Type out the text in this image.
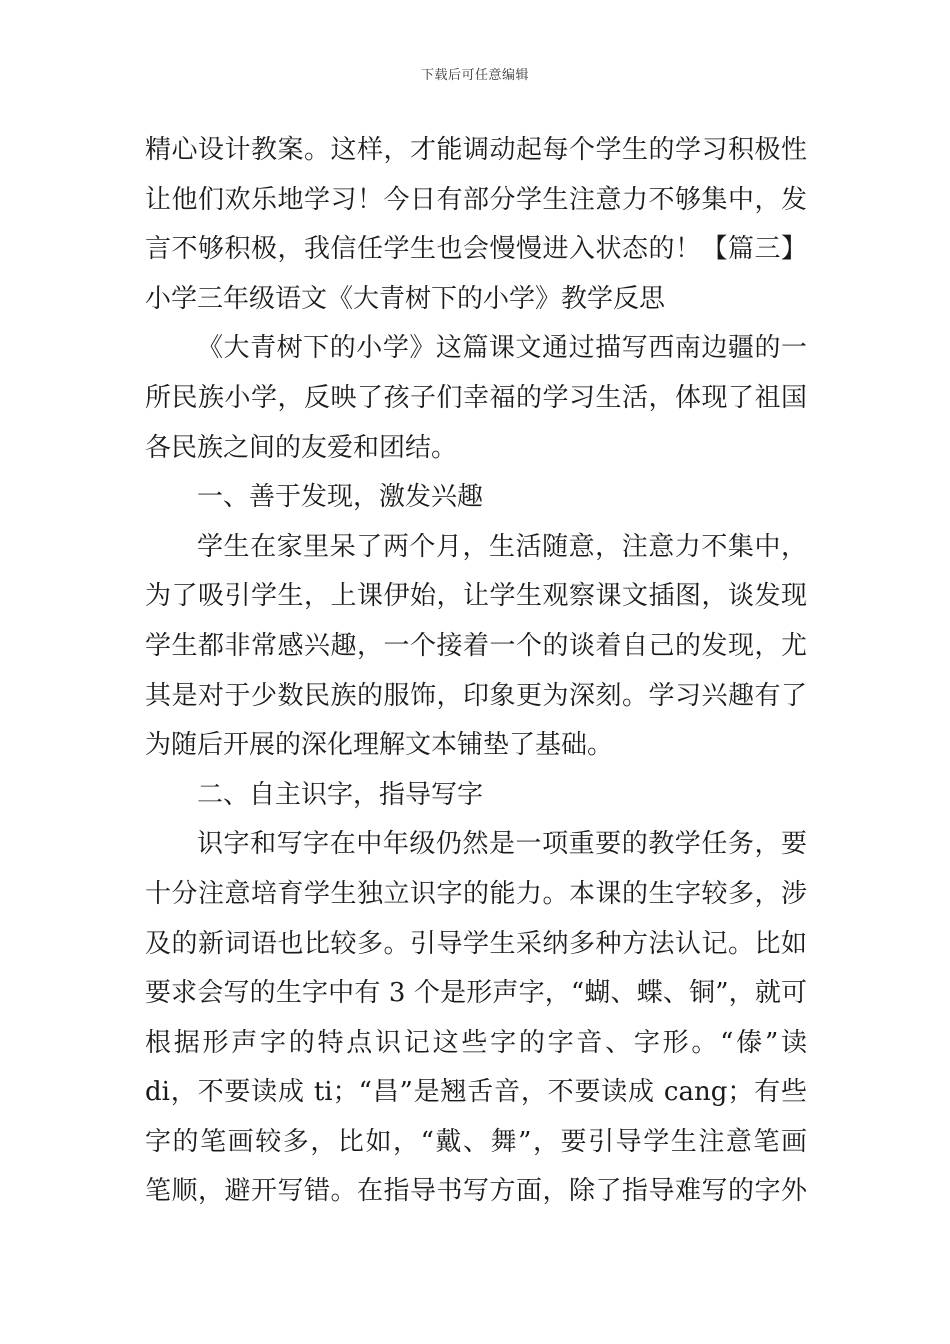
下载后可任意编辑
精心设计教案。这样，才能调动起每个学生的学习积极性
让他们欢乐地学习！今日有部分学生注意力不够集中，发
言不够积极，我信任学生也会慢慢进入状态的！【篇三】
小学三年级语文《大青树下的小学》教学反思
《大青树下的小学》这篇课文通过描写西南边疆的一
所民族小学，反映了孩子们幸福的学习生活，体现了祖国
各民族之间的友爱和团结。
一、善于发现，激发兴趣
学生在家里呆了两个月，生活随意，注意力不集中，
为了吸引学生，上课伊始，让学生观察课文插图，谈发现
学生都非常感兴趣，一个接着一个的谈着自己的发现，尤
其是对于少数民族的服饰，印象更为深刻。学习兴趣有了
为随后开展的深化理解文本铺垫了基础。
二、自主识字，指导写字
识字和写字在中年级仍然是一项重要的教学任务，要
十分注意培育学生独立识字的能力。本课的生字较多，涉
及的新词语也比较多。引导学生采纳多种方法认记。比如
要求会写的生字中有 3 个是形声字，“蝴、蝶、铜”，就可
根据形声字的特点识记这些字的字音、字形。“傣”读
di，不要读成 ti；“昌”是翘舌音，不要读成 cang；有些
字的笔画较多，比如，“戴、舞”，要引导学生注意笔画
笔顺，避开写错。在指导书写方面，除了指导难写的字外
